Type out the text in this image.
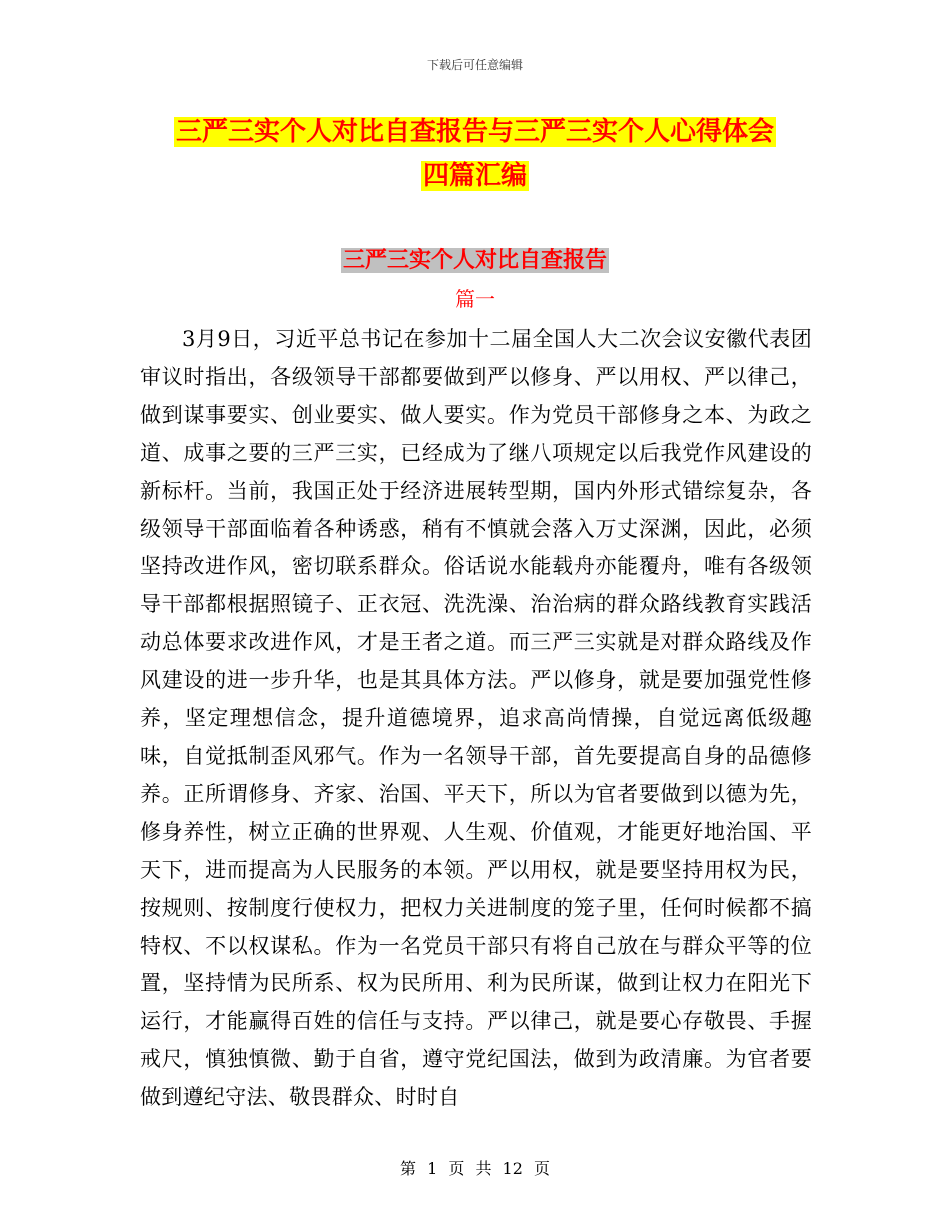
下载后可任意编辑
三严三实个人对比自查报告与三严三实个人心得体会
四篇汇编
三严三实个人对比自查报告
篇一
3月9日，习近平总书记在参加十二届全国人大二次会议安徽代表团审议时指出，各级领导干部都要做到严以修身、严以用权、严以律己，做到谋事要实、创业要实、做人要实。作为党员干部修身之本、为政之道、成事之要的三严三实，已经成为了继八项规定以后我党作风建设的新标杆。当前，我国正处于经济进展转型期，国内外形式错综复杂，各级领导干部面临着各种诱惑，稍有不慎就会落入万丈深渊，因此，必须坚持改进作风，密切联系群众。俗话说水能载舟亦能覆舟，唯有各级领导干部都根据照镜子、正衣冠、洗洗澡、治治病的群众路线教育实践活动总体要求改进作风，才是王者之道。而三严三实就是对群众路线及作风建设的进一步升华，也是其具体方法。严以修身，就是要加强党性修养，坚定理想信念，提升道德境界，追求高尚情操，自觉远离低级趣味，自觉抵制歪风邪气。作为一名领导干部，首先要提高自身的品德修养。正所谓修身、齐家、治国、平天下，所以为官者要做到以德为先，修身养性，树立正确的世界观、人生观、价值观，才能更好地治国、平天下，进而提高为人民服务的本领。严以用权，就是要坚持用权为民，按规则、按制度行使权力，把权力关进制度的笼子里，任何时候都不搞特权、不以权谋私。作为一名党员干部只有将自己放在与群众平等的位置，坚持情为民所系、权为民所用、利为民所谋，做到让权力在阳光下运行，才能赢得百姓的信任与支持。严以律己，就是要心存敬畏、手握戒尺，慎独慎微、勤于自省，遵守党纪国法，做到为政清廉。为官者要做到遵纪守法、敬畏群众、时时自
第 1 页 共 12 页
